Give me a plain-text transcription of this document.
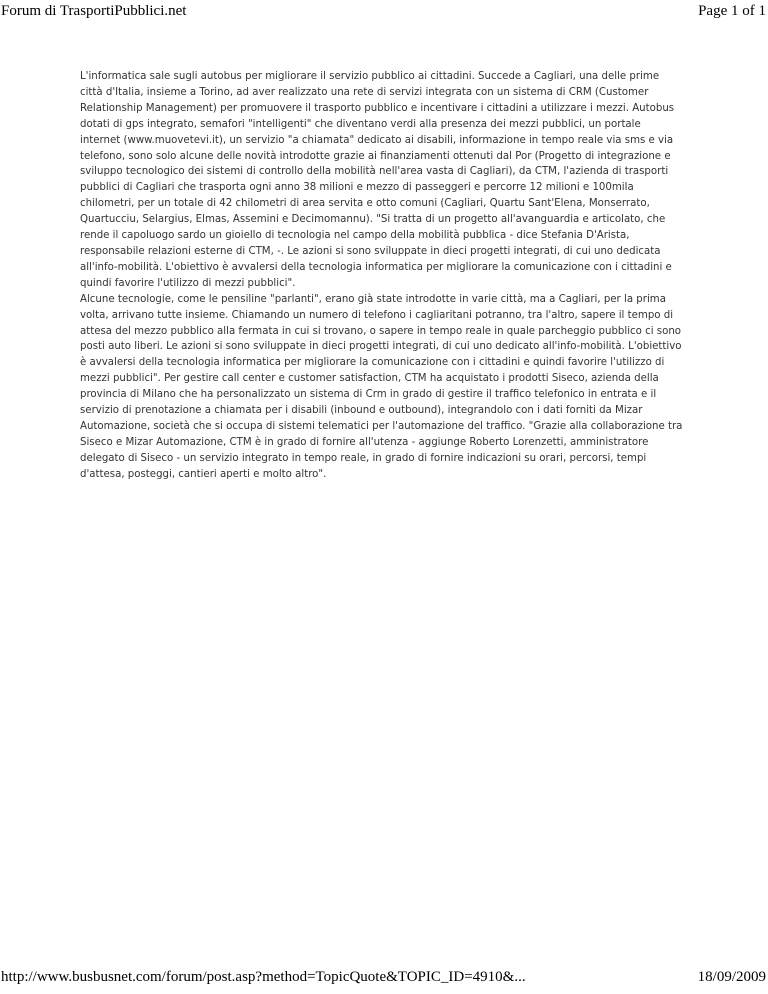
Forum di TrasportiPubblici.net	Page 1 of 1

L'informatica sale sugli autobus per migliorare il servizio pubblico ai cittadini. Succede a Cagliari, una delle prime città d'Italia, insieme a Torino, ad aver realizzato una rete di servizi integrata con un sistema di CRM (Customer Relationship Management) per promuovere il trasporto pubblico e incentivare i cittadini a utilizzare i mezzi. Autobus dotati di gps integrato, semafori "intelligenti" che diventano verdi alla presenza dei mezzi pubblici, un portale internet (www.muovetevi.it), un servizio "a chiamata" dedicato ai disabili, informazione in tempo reale via sms e via telefono, sono solo alcune delle novità introdotte grazie ai finanziamenti ottenuti dal Por (Progetto di integrazione e sviluppo tecnologico dei sistemi di controllo della mobilità nell'area vasta di Cagliari), da CTM, l'azienda di trasporti pubblici di Cagliari che trasporta ogni anno 38 milioni e mezzo di passeggeri e percorre 12 milioni e 100mila chilometri, per un totale di 42 chilometri di area servita e otto comuni (Cagliari, Quartu Sant'Elena, Monserrato, Quartucciu, Selargius, Elmas, Assemini e Decimomannu). "Si tratta di un progetto all'avanguardia e articolato, che rende il capoluogo sardo un gioiello di tecnologia nel campo della mobilità pubblica - dice Stefania D'Arista, responsabile relazioni esterne di CTM, -. Le azioni si sono sviluppate in dieci progetti integrati, di cui uno dedicata all'info-mobilità. L'obiettivo è avvalersi della tecnologia informatica per migliorare la comunicazione con i cittadini e quindi favorire l'utilizzo di mezzi pubblici".

Alcune tecnologie, come le pensiline "parlanti", erano già state introdotte in varie città, ma a Cagliari, per la prima volta, arrivano tutte insieme. Chiamando un numero di telefono i cagliaritani potranno, tra l'altro, sapere il tempo di attesa del mezzo pubblico alla fermata in cui si trovano, o sapere in tempo reale in quale parcheggio pubblico ci sono posti auto liberi. Le azioni si sono sviluppate in dieci progetti integrati, di cui uno dedicato all'info-mobilità. L'obiettivo è avvalersi della tecnologia informatica per migliorare la comunicazione con i cittadini e quindi favorire l'utilizzo di mezzi pubblici". Per gestire call center e customer satisfaction, CTM ha acquistato i prodotti Siseco, azienda della provincia di Milano che ha personalizzato un sistema di Crm in grado di gestire il traffico telefonico in entrata e il servizio di prenotazione a chiamata per i disabili (inbound e outbound), integrandolo con i dati forniti da Mizar Automazione, società che si occupa di sistemi telematici per l'automazione del traffico. "Grazie alla collaborazione tra Siseco e Mizar Automazione, CTM è in grado di fornire all'utenza - aggiunge Roberto Lorenzetti, amministratore delegato di Siseco - un servizio integrato in tempo reale, in grado di fornire indicazioni su orari, percorsi, tempi d'attesa, posteggi, cantieri aperti e molto altro".

http://www.busbusnet.com/forum/post.asp?method=TopicQuote&TOPIC_ID=4910&...	18/09/2009
